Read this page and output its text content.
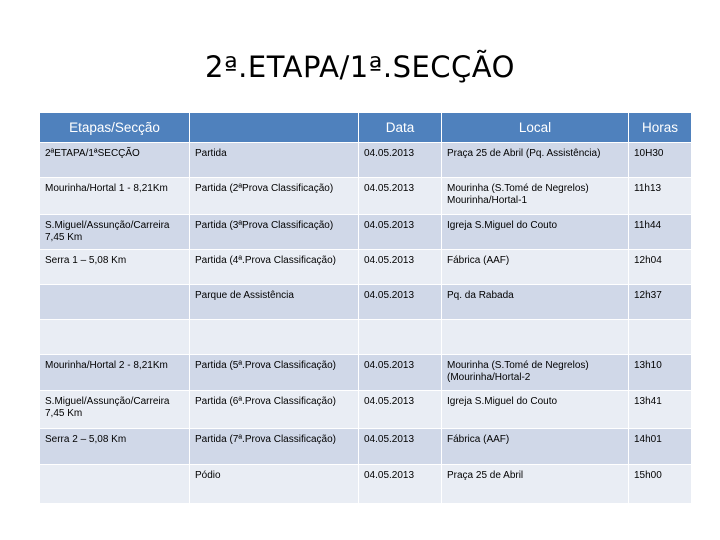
2ª.ETAPA/1ª.SECÇÃO
Etapas/Secção		Data	Local	Horas
2ªETAPA/1ªSECÇÃO	Partida	04.05.2013	Praça 25 de Abril (Pq. Assistência)	10H30
Mourinha/Hortal 1 - 8,21Km	Partida (2ªProva Classificação)	04.05.2013	Mourinha (S.Tomé de Negrelos) Mourinha/Hortal-1	11h13
S.Miguel/Assunção/Carreira 7,45 Km	Partida (3ªProva Classificação)	04.05.2013	Igreja S.Miguel do Couto	11h44
Serra 1 – 5,08 Km	Partida (4ª.Prova Classificação)	04.05.2013	Fábrica (AAF)	12h04
	Parque de Assistência	04.05.2013	Pq. da Rabada	12h37

Mourinha/Hortal 2 - 8,21Km	Partida (5ª.Prova Classificação)	04.05.2013	Mourinha (S.Tomé de Negrelos) (Mourinha/Hortal-2	13h10
S.Miguel/Assunção/Carreira 7,45 Km	Partida (6ª.Prova Classificação)	04.05.2013	Igreja S.Miguel do Couto	13h41
Serra 2 – 5,08 Km	Partida (7ª.Prova Classificação)	04.05.2013	Fábrica (AAF)	14h01
	Pódio	04.05.2013	Praça 25 de Abril	15h00
